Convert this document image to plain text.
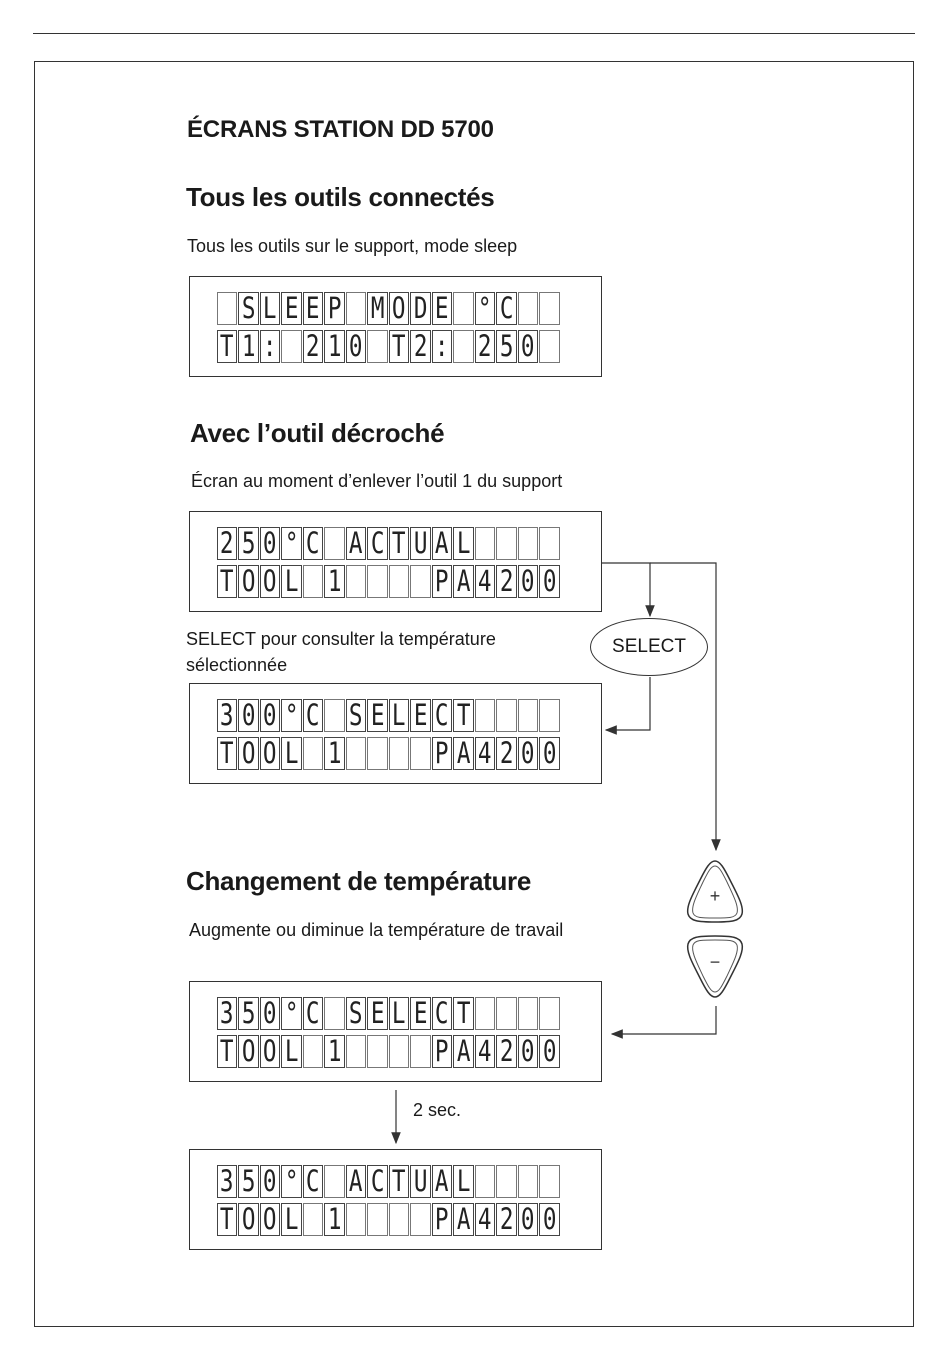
ÉCRANS STATION DD 5700
Tous les outils connectés
Tous les outils sur le support, mode sleep
S L E E P M O D E ° C
T 1 : 2 1 0 T 2 : 2 5 0
Avec l’outil décroché
Écran au moment d’enlever l’outil 1 du support
2 5 0 ° C A C T U A L
T O O L 1	P A 4 2 0 0
SELECT pour consulter la température sélectionnée
3 0 0 ° C S E L E C T
T O O L 1	P A 4 2 0 0
Changement de température
Augmente ou diminue la température de travail
3 5 0 ° C S E L E C T
T O O L 1	P A 4 2 0 0
2 sec.
3 5 0 ° C A C T U A L
T O O L 1	P A 4 2 0 0
SELECT
+
−
